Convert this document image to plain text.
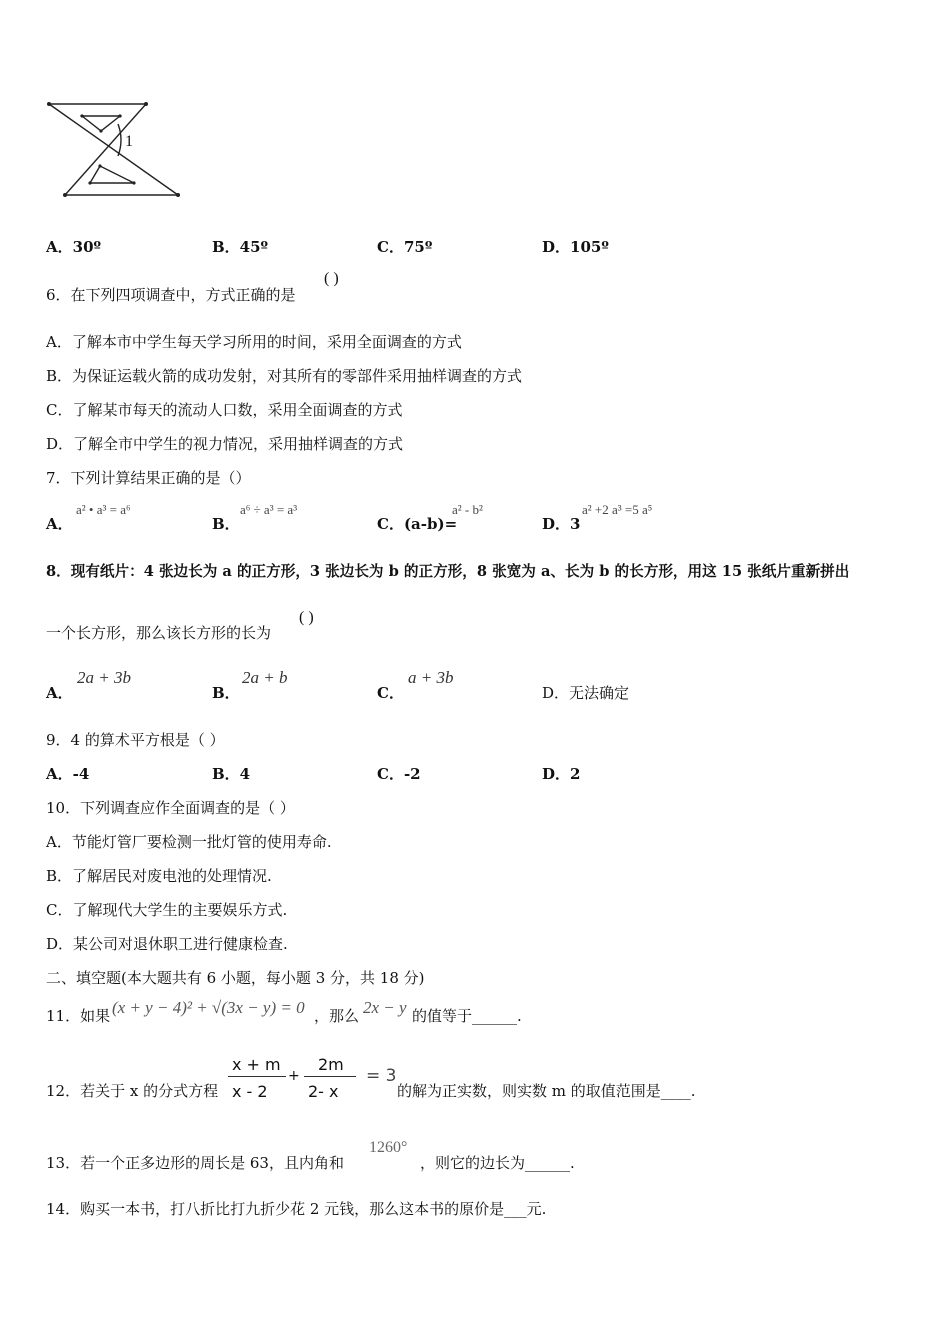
1
A．30º	B．45º	C．75º	D．105º
6．在下列四项调查中，方式正确的是
( )
A．了解本市中学生每天学习所用的时间，采用全面调查的方式
B．为保证运载火箭的成功发射，对其所有的零部件采用抽样调查的方式
C．了解某市每天的流动人口数，采用全面调查的方式
D．了解全市中学生的视力情况，采用抽样调查的方式
7．下列计算结果正确的是（）
A．
a² • a³ = a⁶
B．
a⁶ ÷ a³ = a³
C．(a-b)=
a² - b²
D．3
a² +2 a³ =5 a⁵
8．现有纸片：4 张边长为 a 的正方形，3 张边长为 b 的正方形，8 张宽为 a、长为 b 的长方形，用这 15 张纸片重新拼出
一个长方形，那么该长方形的长为
( )
A．
2a + 3b
B．
2a + b
C．
a + 3b
D．无法确定
9．4 的算术平方根是（ ）
A．-4	B．4	C．-2	D．2
10．下列调查应作全面调查的是（ ）
A．节能灯管厂要检测一批灯管的使用寿命.
B．了解居民对废电池的处理情况.
C．了解现代大学生的主要娱乐方式.
D．某公司对退休职工进行健康检查.
二、填空题(本大题共有 6 小题，每小题 3 分，共 18 分)
11．如果 (x + y − 4)² + √(3x − y) = 0 ，那么 2x − y 的值等于______.
12．若关于 x 的分式方程
x + m
x - 2
+
2m
2- x
= 3
的解为正实数，则实数 m 的取值范围是____.
13．若一个正多边形的周长是 63，且内角和
1260°
，则它的边长为______.
14．购买一本书，打八折比打九折少花 2 元钱，那么这本书的原价是___元.
